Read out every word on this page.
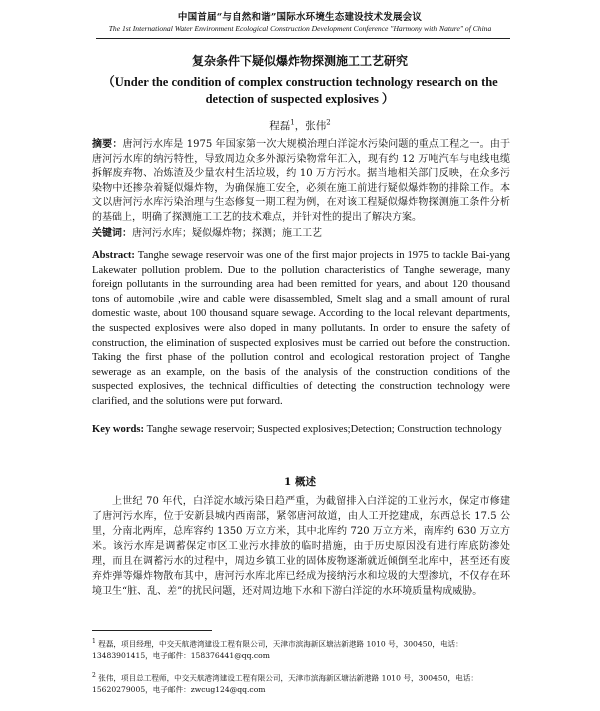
中国首届“与自然和谐”国际水环境生态建设技术发展会议
The 1st International Water Environment Ecological Construction Development Conference "Harmony with Nature" of China
复杂条件下疑似爆炸物探测施工工艺研究
（Under the condition of complex construction technology research on the detection of suspected explosives ）
程磊$^1$，张伟$^2$
摘要：唐河污水库是 1975 年国家第一次大规模治理白洋淀水污染问题的重点工程之一。由于唐河污水库的纳污特性，导致周边众多外源污染物常年汇入，现有约 12 万吨汽车与电线电缆拆解废弃物、冶炼渣及少量农村生活垃圾，约 10 万方污水。据当地相关部门反映，在众多污染物中还掺杂着疑似爆炸物，为确保施工安全，必须在施工前进行疑似爆炸物的排除工作。本文以唐河污水库污染治理与生态修复一期工程为例，在对该工程疑似爆炸物探测施工条件分析的基础上，明确了探测施工工艺的技术难点，并针对性的提出了解决方案。
关键词：唐河污水库；疑似爆炸物；探测；施工工艺
Abstract: Tanghe sewage reservoir was one of the first major projects in 1975 to tackle Bai-yang Lakewater pollution problem. Due to the pollution characteristics of Tanghe sewerage, many foreign pollutants in the surrounding area had been remitted for years, and about 120 thousand tons of automobile ,wire and cable were disassembled, Smelt slag and a small amount of rural domestic waste, about 100 thousand square sewage. According to the local relevant departments, the suspected explosives were also doped in many pollutants. In order to ensure the safety of construction, the elimination of suspected explosives must be carried out before the construction. Taking the first phase of the pollution control and ecological restoration project of Tanghe sewerage as an example, on the basis of the analysis of the construction conditions of the suspected explosives, the technical difficulties of detecting the construction technology were clarified, and the solutions were put forward.
Key words: Tanghe sewage reservoir; Suspected explosives;Detection; Construction technology
1 概述
上世纪 70 年代，白洋淀水域污染日趋严重，为截留排入白洋淀的工业污水，保定市修建了唐河污水库，位于安新县城内西南部，紧邻唐河故道，由人工开挖建成，东西总长 17.5 公里，分南北两库，总库容约 1350 万立方米，其中北库约 720 万立方米，南库约 630 万立方米。该污水库是调蓄保定市区工业污水排放的临时措施，由于历史原因没有进行库底防渗处理，而且在调蓄污水的过程中，周边乡镇工业的固体废物逐渐就近倾倒至北库中，甚至还有废弃炸弹等爆炸物散布其中，唐河污水库北库已经成为接纳污水和垃圾的大型渗坑，不仅存在环境卫生“脏、乱、差”的扰民问题，还对周边地下水和下游白洋淀的水环境质量构成威胁。
$^1$ 程磊，项目经理，中交天航港湾建设工程有限公司，天津市滨海新区塘沽新港路 1010 号，300450，电话：13483901415，电子邮件：158376441@qq.com
$^2$ 张伟，项目总工程师，中交天航港湾建设工程有限公司，天津市滨海新区塘沽新港路 1010 号，300450，电话：15620279005，电子邮件：zwcug124@qq.com
